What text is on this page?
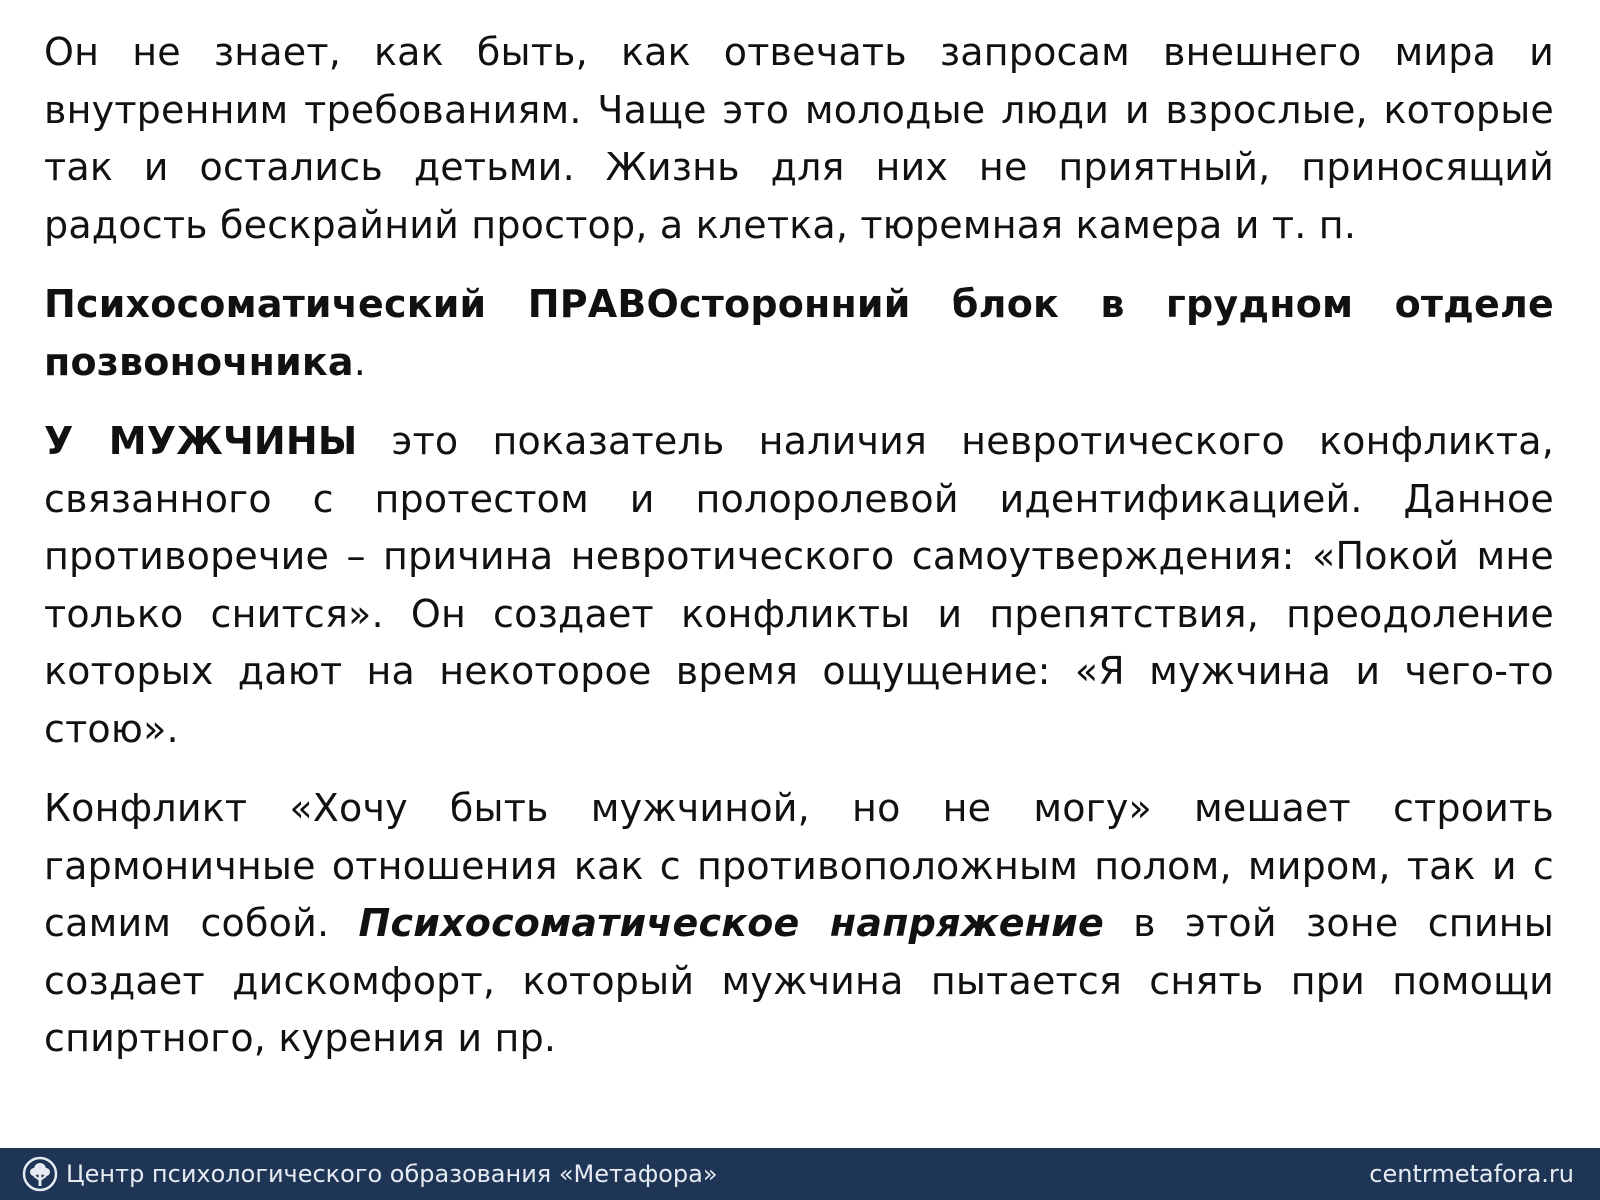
Он не знает, как быть, как отвечать запросам внешнего мира и внутренним требованиям. Чаще это молодые люди и взрослые, которые так и остались детьми. Жизнь для них не приятный, приносящий радость бескрайний простор, а клетка, тюремная камера и т. п.

Психосоматический ПРАВОсторонний блок в грудном отделе позвоночника.

У МУЖЧИНЫ это показатель наличия невротического конфликта, связанного с протестом и полоролевой идентификацией. Данное противоречие – причина невротического самоутверждения: «Покой мне только снится». Он создает конфликты и препятствия, преодоление которых дают на некоторое время ощущение: «Я мужчина и чего-то стою».

Конфликт «Хочу быть мужчиной, но не могу» мешает строить гармоничные отношения как с противоположным полом, миром, так и с самим собой. Психосоматическое напряжение в этой зоне спины создает дискомфорт, который мужчина пытается снять при помощи спиртного, курения и пр.

Центр психологического образования «Метафора»	centrmetafora.ru
